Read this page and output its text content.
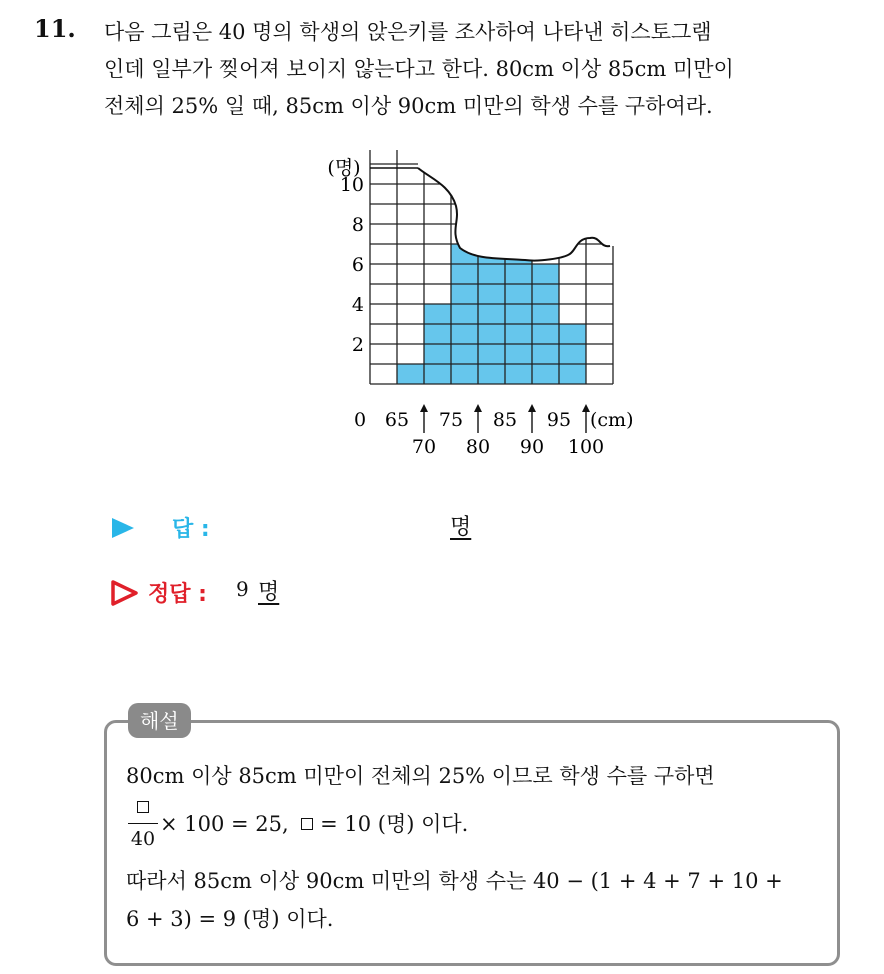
11. 다음 그림은 40 명의 학생의 앉은키를 조사하여 나타낸 히스토그램
인데 일부가 찢어져 보이지 않는다고 한다. 80cm 이상 85cm 미만이
전체의 25% 일 때, 85cm 이상 90cm 미만의 학생 수를 구하여라.
(명)
2
4
6
8
10
0 65 75 85 95
70 80 90 100
(cm)
답 :	명
정답 : 9 명
해설
80cm 이상 85cm 미만이 전체의 25% 이므로 학생 수를 구하면
40
× 100 = 25, = 10 (명) 이다.
따라서 85cm 이상 90cm 미만의 학생 수는 40 − (1 + 4 + 7 + 10 +
6 + 3) = 9 (명) 이다.
